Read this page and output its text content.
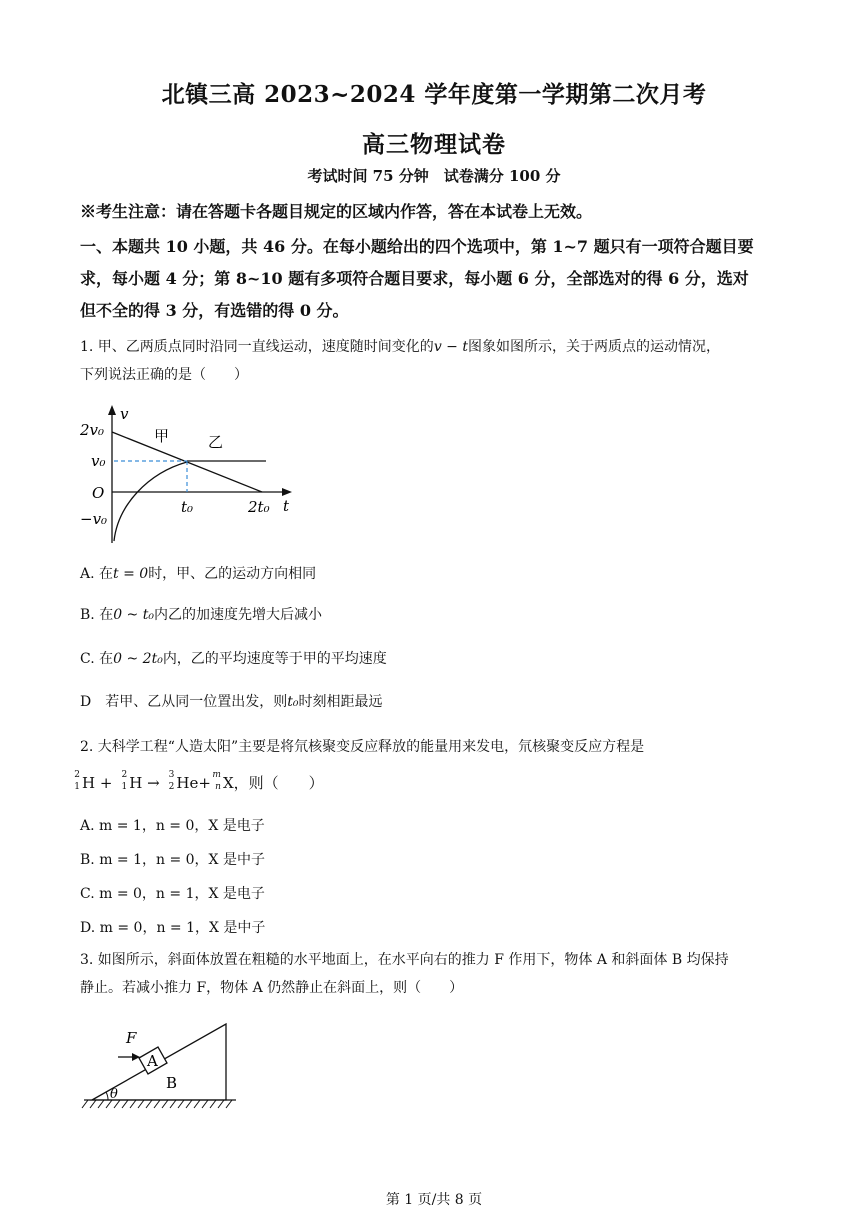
北镇三高 2023~2024 学年度第一学期第二次月考
高三物理试卷
考试时间 75 分钟　试卷满分 100 分
※考生注意：请在答题卡各题目规定的区域内作答，答在本试卷上无效。
一、本题共 10 小题，共 46 分。在每小题给出的四个选项中，第 1~7 题只有一项符合题目要
求，每小题 4 分；第 8~10 题有多项符合题目要求，每小题 6 分，全部选对的得 6 分，选对
但不全的得 3 分，有选错的得 0 分。
1. 甲、乙两质点同时沿同一直线运动，速度随时间变化的v − t图象如图所示，关于两质点的运动情况，
下列说法正确的是（　　）
v
t
O
甲	乙
2v₀
v₀
−v₀
t₀	2t₀
A. 在t = 0时，甲、乙的运动方向相同
B. 在0 ~ t₀内乙的加速度先增大后减小
C. 在0 ~ 2t₀内，乙的平均速度等于甲的平均速度
D　若甲、乙从同一位置出发，则t₀时刻相距最远
2. 大科学工程“人造太阳”主要是将氘核聚变反应释放的能量用来发电，氘核聚变反应方程是
2
1 H + 2
1 H → 3
2 He+ m
n X，则（　　）
A. m = 1，n = 0，X 是电子
B. m = 1，n = 0，X 是中子
C. m = 0，n = 1，X 是电子
D. m = 0，n = 1，X 是中子
3. 如图所示，斜面体放置在粗糙的水平地面上，在水平向右的推力 F 作用下，物体 A 和斜面体 B 均保持
静止。若减小推力 F，物体 A 仍然静止在斜面上，则（　　）
F
A
B
θ
第 1 页/共 8 页
